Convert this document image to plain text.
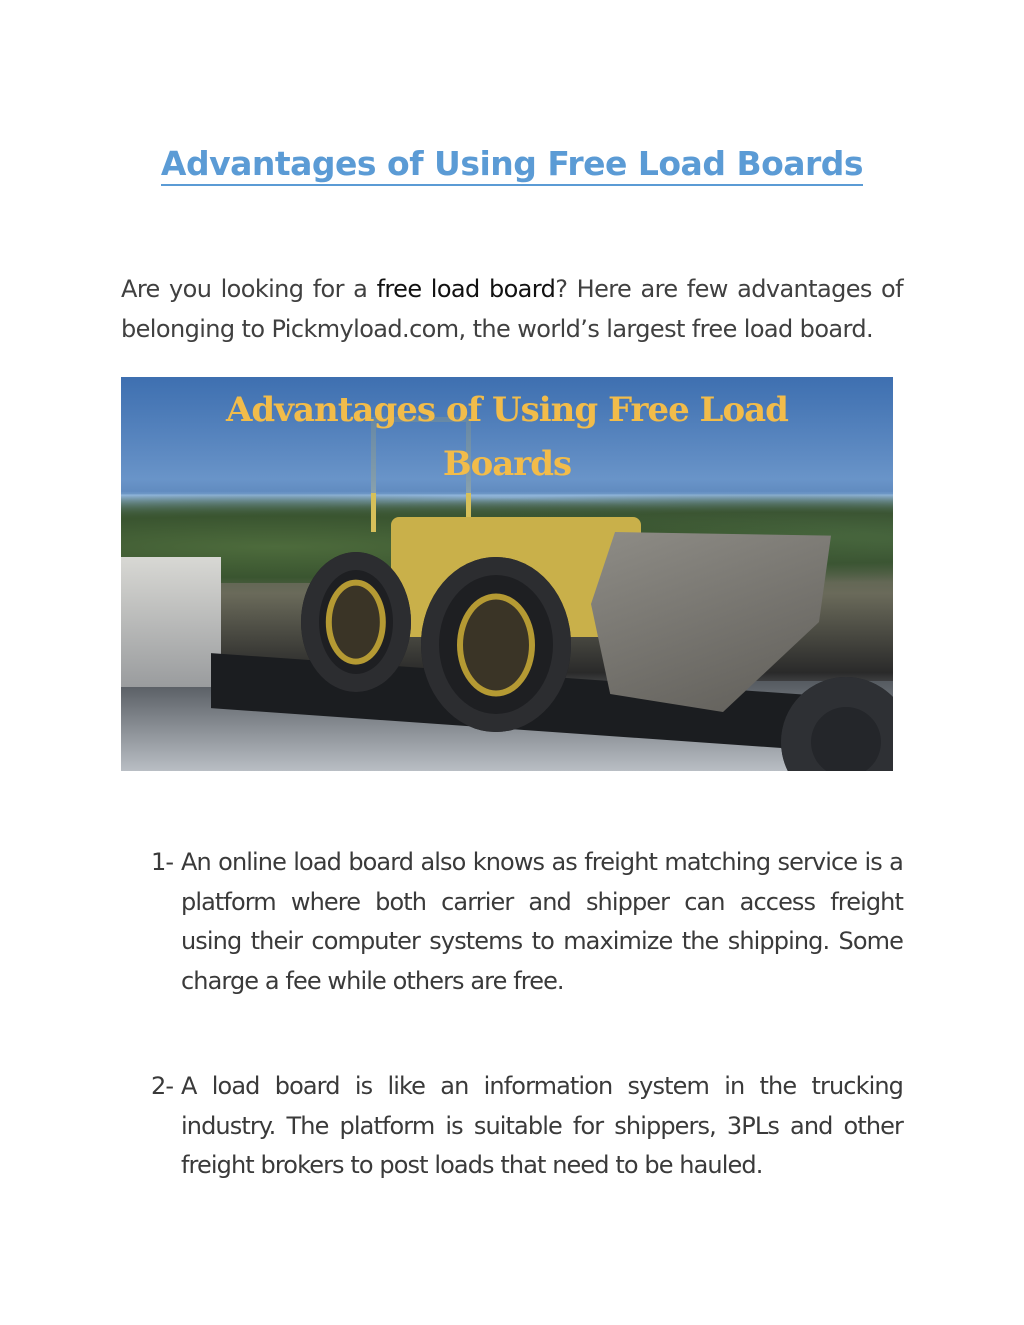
Advantages of Using Free Load Boards

Are you looking for a free load board? Here are few advantages of belonging to Pickmyload.com, the world’s largest free load board.

Advantages of Using Free Load Boards
1- An online load board also knows as freight matching service is a platform where both carrier and shipper can access freight using their computer systems to maximize the shipping. Some charge a fee while others are free.
2- A load board is like an information system in the trucking industry. The platform is suitable for shippers, 3PLs and other freight brokers to post loads that need to be hauled.
